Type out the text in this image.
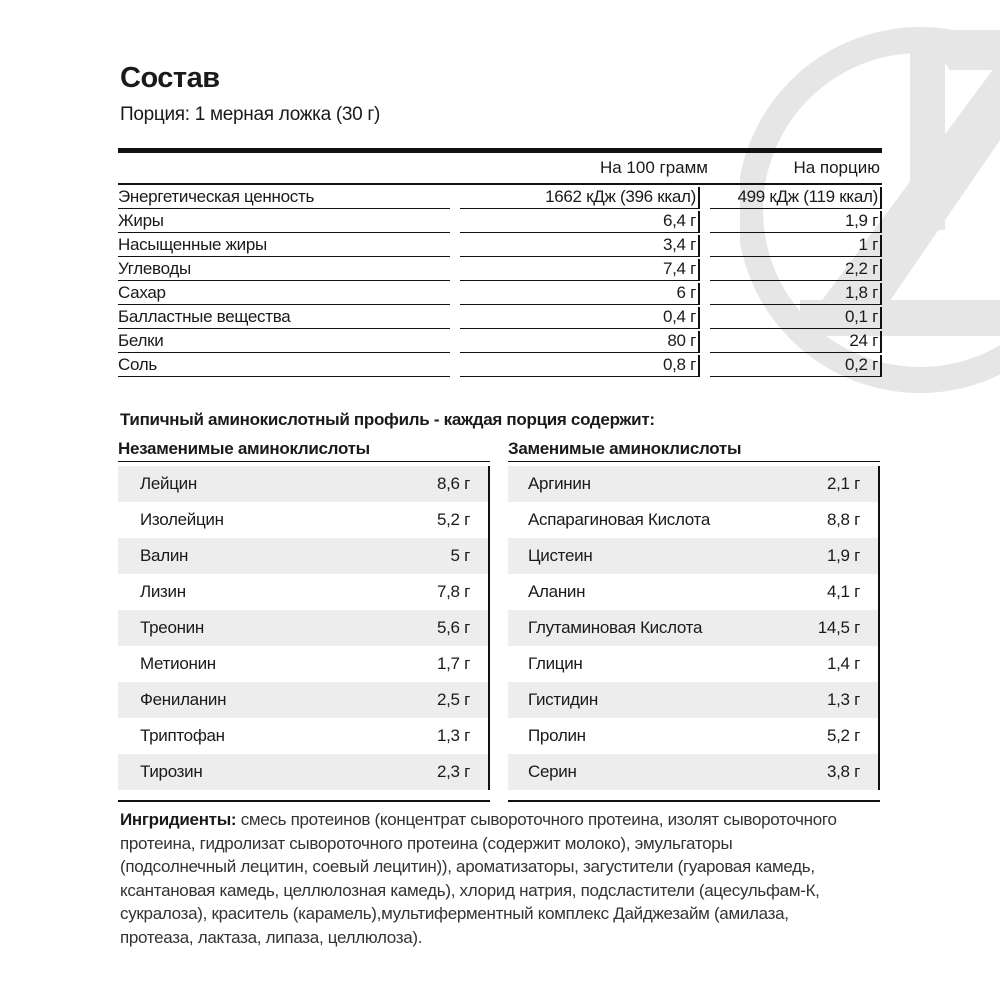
Состав
Порция: 1 мерная ложка (30 г)
На 100 грамм	На порцию
Энергетическая ценность	1662 кДж (396 ккал)	499 кДж (119 ккал)
Жиры	6,4 г	1,9 г
Насыщенные жиры	3,4 г	1 г
Углеводы	7,4 г	2,2 г
Сахар	6 г	1,8 г
Балластные вещества	0,4 г	0,1 г
Белки	80 г	24 г
Соль	0,8 г	0,2 г
Типичный аминокислотный профиль - каждая порция содержит:
Незаменимые аминоклислоты
Лейцин	8,6 г
Изолейцин	5,2 г
Валин	5 г
Лизин	7,8 г
Треонин	5,6 г
Метионин	1,7 г
Фениланин	2,5 г
Триптофан	1,3 г
Тирозин	2,3 г
Заменимые аминоклислоты
Аргинин	2,1 г
Аспарагиновая Кислота	8,8 г
Цистеин	1,9 г
Аланин	4,1 г
Глутаминовая Кислота	14,5 г
Глицин	1,4 г
Гистидин	1,3 г
Пролин	5,2 г
Серин	3,8 г
Ингридиенты: смесь протеинов (концентрат сывороточного протеина, изолят сывороточного протеина, гидролизат сывороточного протеина (содержит молоко), эмульгаторы (подсолнечный лецитин, соевый лецитин)), ароматизаторы, загустители (гуаровая камедь, ксантановая камедь, целлюлозная камедь), хлорид натрия, подсластители (ацесульфам-К, сукралоза), краситель (карамель),мультиферментный комплекс Дайджезайм (амилаза, протеаза, лактаза, липаза, целлюлоза).
